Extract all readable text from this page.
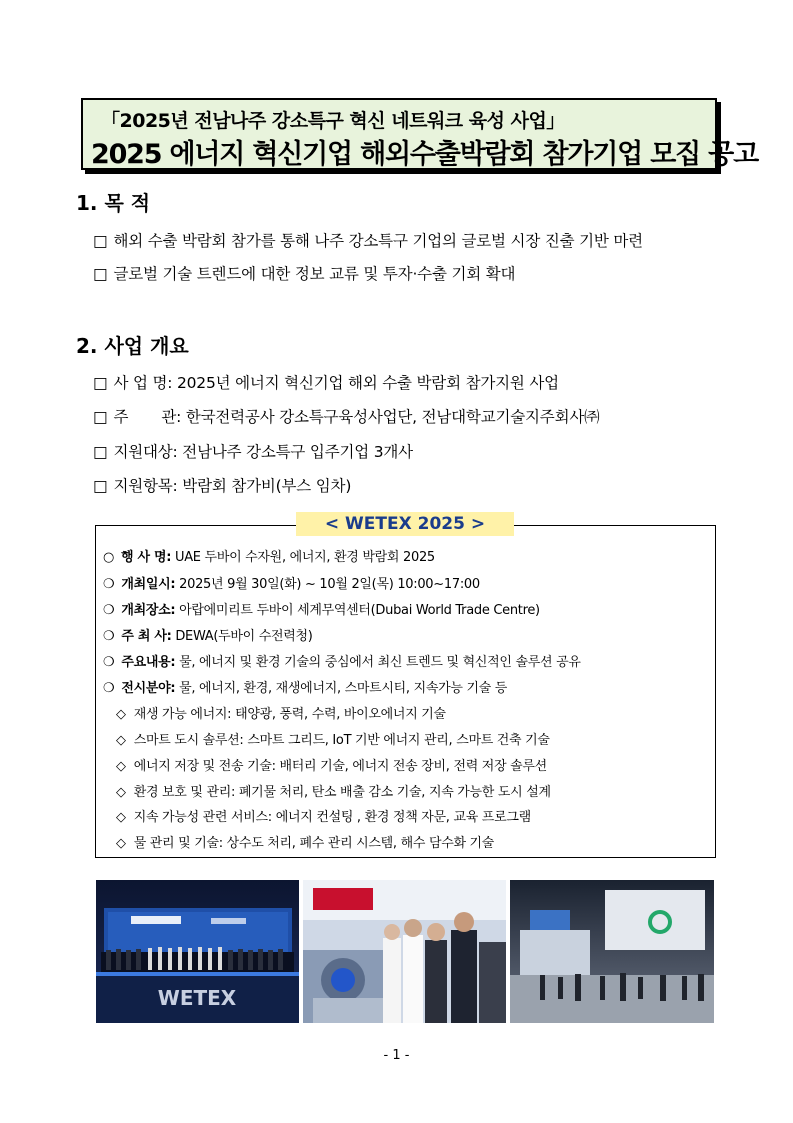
「2025년 전남나주 강소특구 혁신 네트워크 육성 사업」
2025 에너지 혁신기업 해외수출박람회 참가기업 모집 공고
1. 목 적
□ 해외 수출 박람회 참가를 통해 나주 강소특구 기업의 글로벌 시장 진출 기반 마련
□ 글로벌 기술 트렌드에 대한 정보 교류 및 투자·수출 기회 확대
2. 사업 개요
□ 사 업 명: 2025년 에너지 혁신기업 해외 수출 박람회 참가지원 사업
□ 주       관: 한국전력공사 강소특구육성사업단, 전남대학교기술지주회사㈜
□ 지원대상: 전남나주 강소특구 입주기업 3개사
□ 지원항목: 박람회 참가비(부스 임차)
< WETEX 2025 >
○ 행 사 명: UAE 두바이 수자원, 에너지, 환경 박람회 2025
❍ 개최일시: 2025년 9월 30일(화) ~ 10월 2일(목) 10:00~17:00
❍ 개최장소: 아랍에미리트 두바이 세계무역센터(Dubai World Trade Centre)
❍ 주 최 사: DEWA(두바이 수전력청)
❍ 주요내용: 물, 에너지 및 환경 기술의 중심에서 최신 트렌드 및 혁신적인 솔루션 공유
❍ 전시분야: 물, 에너지, 환경, 재생에너지, 스마트시티, 지속가능 기술 등
◇ 재생 가능 에너지: 태양광, 풍력, 수력, 바이오에너지 기술
◇ 스마트 도시 솔루션: 스마트 그리드, IoT 기반 에너지 관리, 스마트 건축 기술
◇ 에너지 저장 및 전송 기술: 배터리 기술, 에너지 전송 장비, 전력 저장 솔루션
◇ 환경 보호 및 관리: 폐기물 처리, 탄소 배출 감소 기술, 지속 가능한 도시 설계
◇ 지속 가능성 관련 서비스: 에너지 컨설팅 , 환경 정책 자문, 교육 프로그램
◇ 물 관리 및 기술: 상수도 처리, 폐수 관리 시스템, 해수 담수화 기술
WETEX
- 1 -
